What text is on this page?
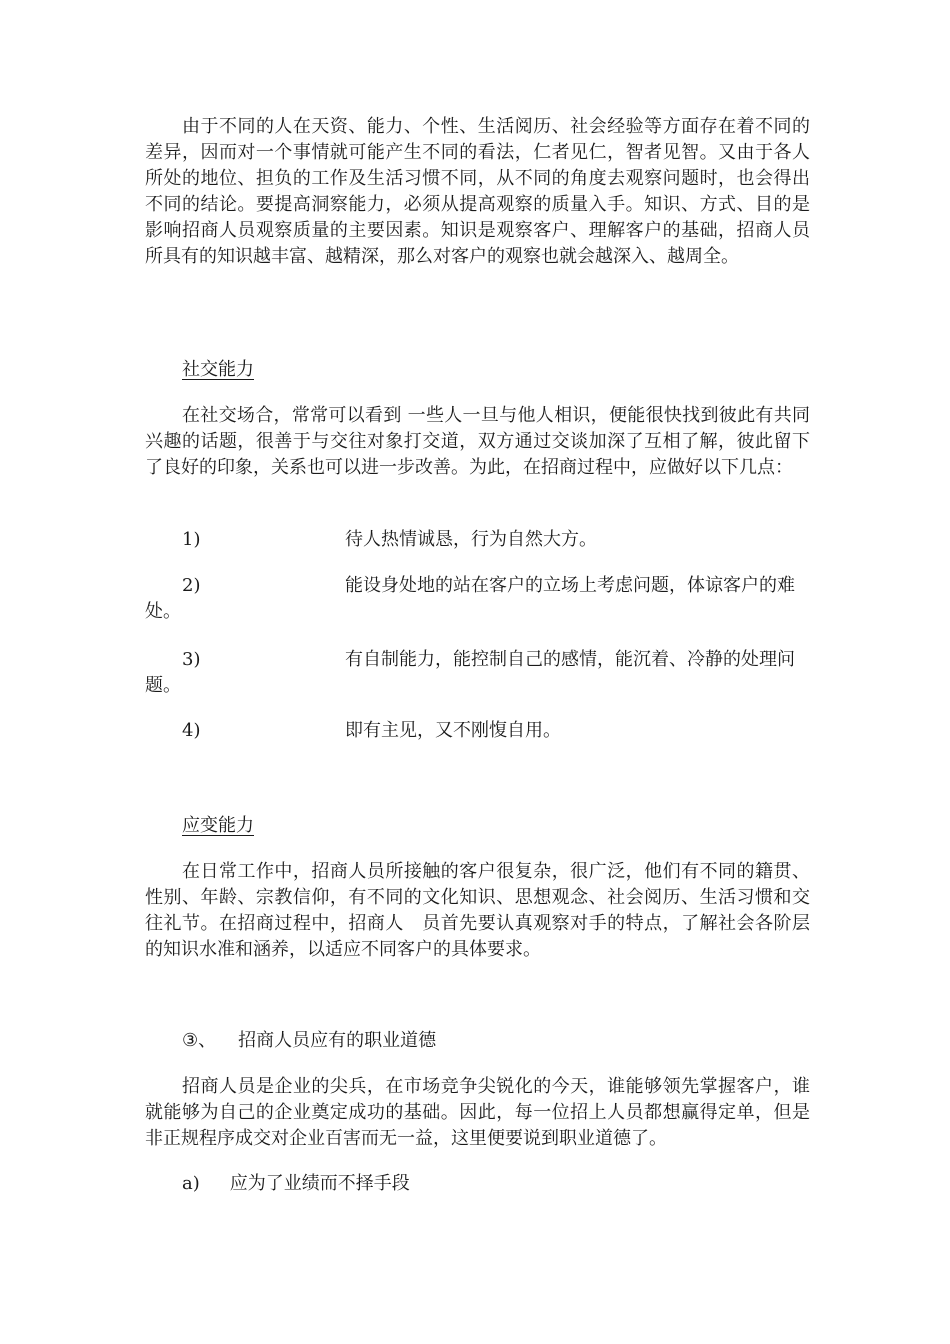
由于不同的人在天资、能力、个性、生活阅历、社会经验等方面存在着不同的差异，因而对一个事情就可能产生不同的看法，仁者见仁，智者见智。又由于各人所处的地位、担负的工作及生活习惯不同，从不同的角度去观察问题时，也会得出不同的结论。要提高洞察能力，必须从提高观察的质量入手。知识、方式、目的是影响招商人员观察质量的主要因素。知识是观察客户、理解客户的基础，招商人员所具有的知识越丰富、越精深，那么对客户的观察也就会越深入、越周全。

社交能力

在社交场合，常常可以看到 一些人一旦与他人相识，便能很快找到彼此有共同兴趣的话题，很善于与交往对象打交道，双方通过交谈加深了互相了解，彼此留下了良好的印象，关系也可以进一步改善。为此，在招商过程中，应做好以下几点：

1)	待人热情诚恳，行为自然大方。

2)	能设身处地的站在客户的立场上考虑问题，体谅客户的难处。

3)	有自制能力，能控制自己的感情，能沉着、冷静的处理问题。

4)	即有主见，又不刚愎自用。

应变能力

在日常工作中，招商人员所接触的客户很复杂，很广泛，他们有不同的籍贯、性别、年龄、宗教信仰，有不同的文化知识、思想观念、社会阅历、生活习惯和交往礼节。在招商过程中，招商人　员首先要认真观察对手的特点，了解社会各阶层的知识水准和涵养，以适应不同客户的具体要求。

③、 招商人员应有的职业道德

招商人员是企业的尖兵，在市场竞争尖锐化的今天，谁能够领先掌握客户，谁就能够为自己的企业奠定成功的基础。因此，每一位招上人员都想赢得定单，但是非正规程序成交对企业百害而无一益，这里便要说到职业道德了。

a) 应为了业绩而不择手段
